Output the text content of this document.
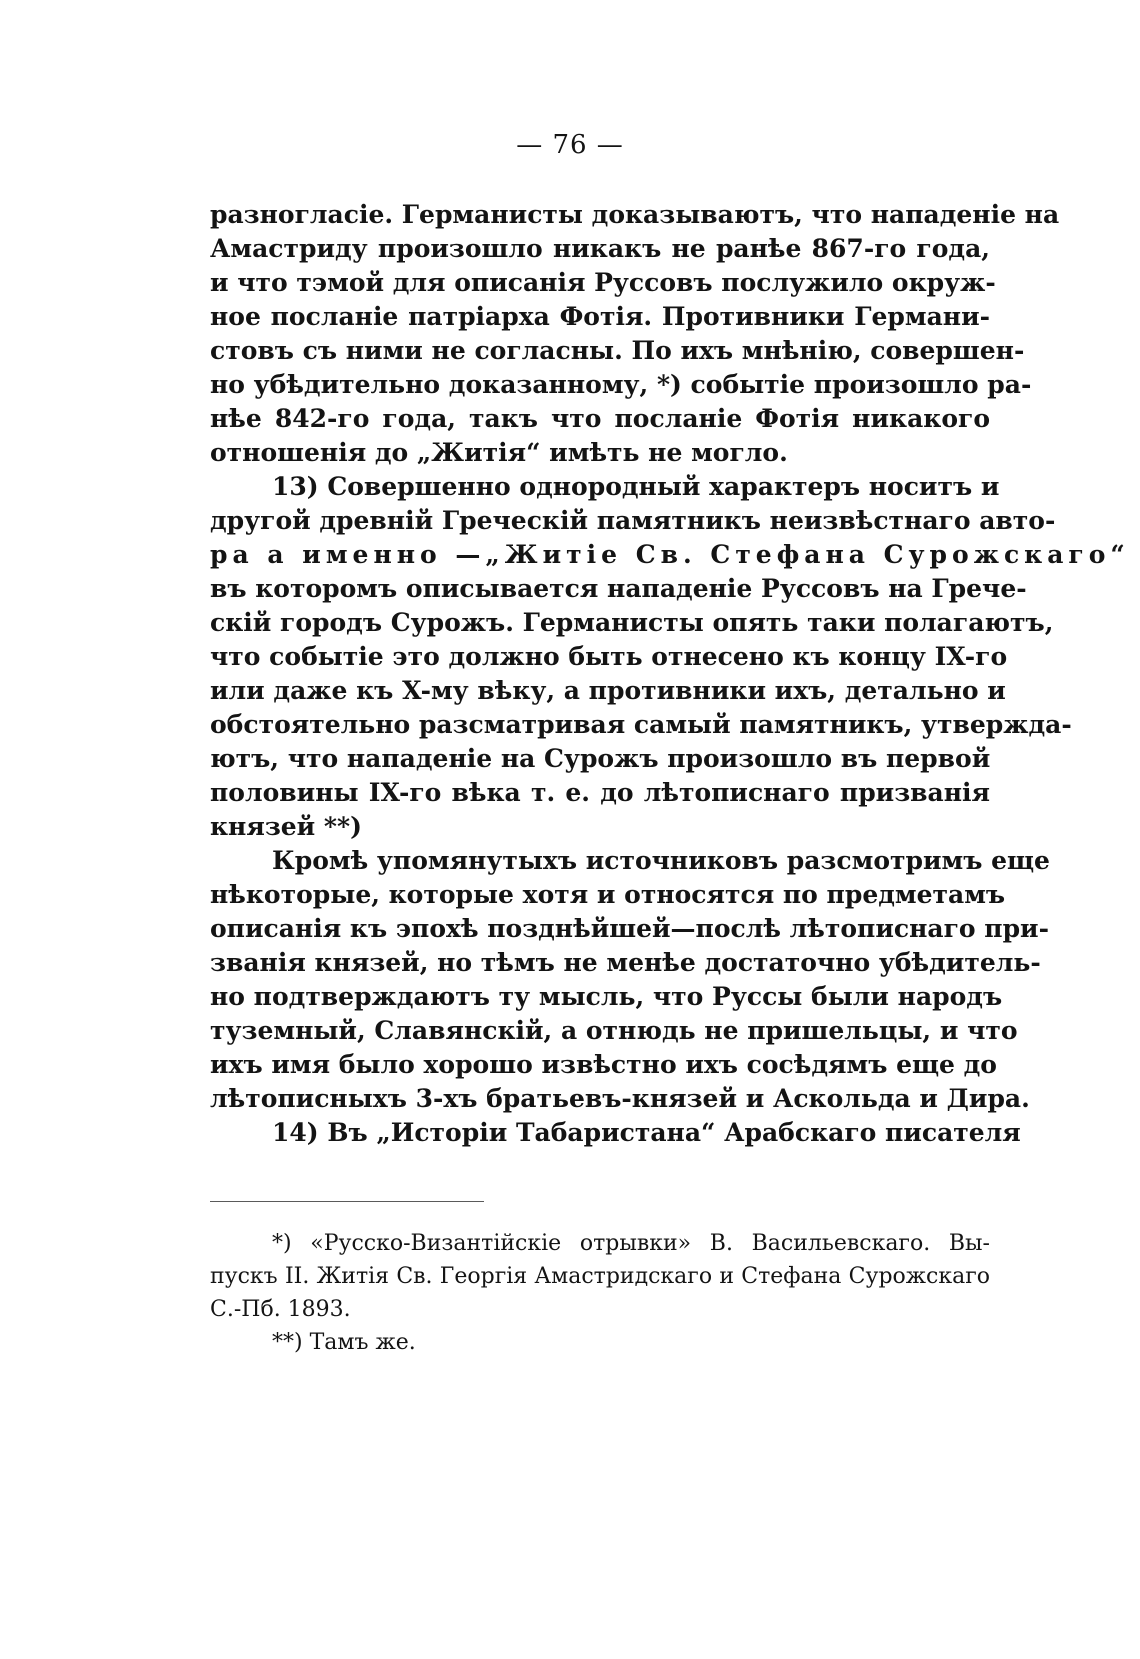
— 76 —
разногласіе. Германисты доказываютъ, что нападеніе на
Амастриду произошло никакъ не ранѣе 867-го года,
и что тэмой для описанія Руссовъ послужило окруж-
ное посланіе патріарха Фотія. Противники Германи-
стовъ съ ними не согласны. По ихъ мнѣнію, совершен-
но убѣдительно доказанному, *) событіе произошло ра-
нѣе 842-го года, такъ что посланіе Фотія никакого
отношенія до „Житія“ имѣть не могло.
13) Совершенно однородный характеръ носитъ и
другой древній Греческій памятникъ неизвѣстнаго авто-
ра а именно —„Житіе Св. Стефана Сурожскаго“
въ которомъ описывается нападеніе Руссовъ на Грече-
скій городъ Сурожъ. Германисты опять таки полагаютъ,
что событіе это должно быть отнесено къ концу IX-го
или даже къ X-му вѣку, а противники ихъ, детально и
обстоятельно разсматривая самый памятникъ, утвержда-
ютъ, что нападеніе на Сурожъ произошло въ первой
половины IX-го вѣка т. е. до лѣтописнаго призванія
князей **)
Кромѣ упомянутыхъ источниковъ разсмотримъ еще
нѣкоторые, которые хотя и относятся по предметамъ
описанія къ эпохѣ позднѣйшей—послѣ лѣтописнаго при-
званія князей, но тѣмъ не менѣе достаточно убѣдитель-
но подтверждаютъ ту мысль, что Руссы были народъ
туземный, Славянскій, а отнюдь не пришельцы, и что
ихъ имя было хорошо извѣстно ихъ сосѣдямъ еще до
лѣтописныхъ 3-хъ братьевъ-князей и Аскольда и Дира.
14) Въ „Исторіи Табаристана“ Арабскаго писателя
*) «Русско-Византійскіе отрывки» В. Васильевскаго. Вы-
пускъ II. Житія Св. Георгія Амастридскаго и Стефана Сурожскаго
С.-Пб. 1893.
**) Тамъ же.
